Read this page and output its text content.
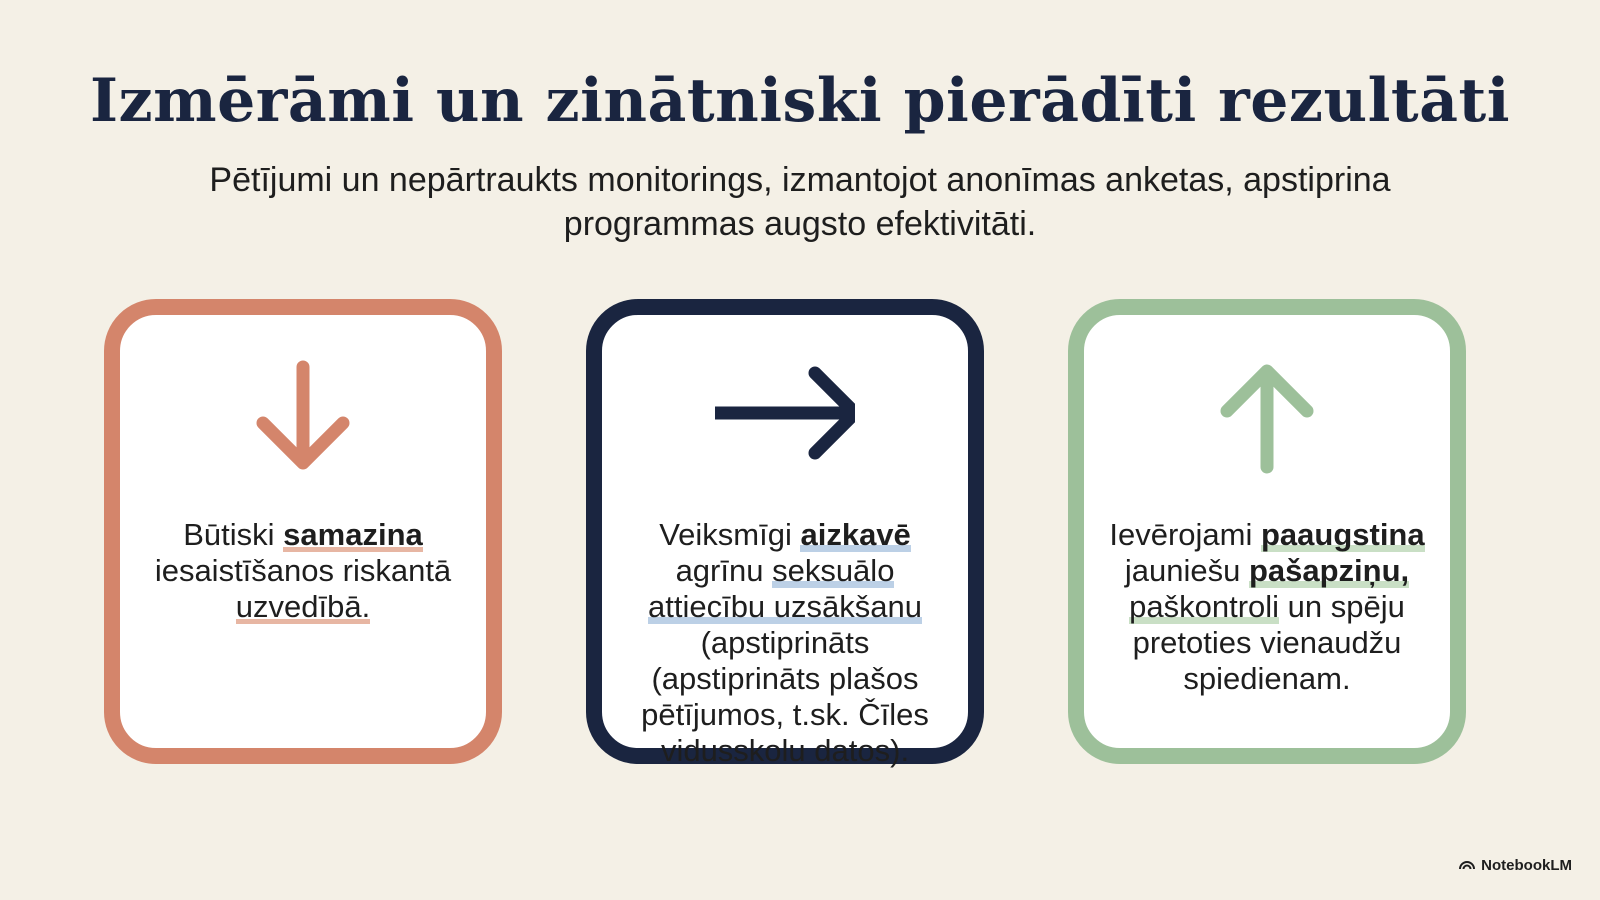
Izmērāmi un zinātniski pierādīti rezultāti
Pētījumi un nepārtraukts monitorings, izmantojot anonīmas anketas, apstiprina programmas augsto efektivitāti.
Būtiski samazina iesaistīšanos riskantā uzvedībā.
Veiksmīgi aizkavē agrīnu seksuālo attiecību uzsākšanu (apstiprināts (apstiprināts plašos pētījumos, t.sk. Čīles vidusskolu datos).
Ievērojami paaugstina jauniešu pašapziņu, paškontroli un spēju pretoties vienaudžu spiedienam.
NotebookLM
